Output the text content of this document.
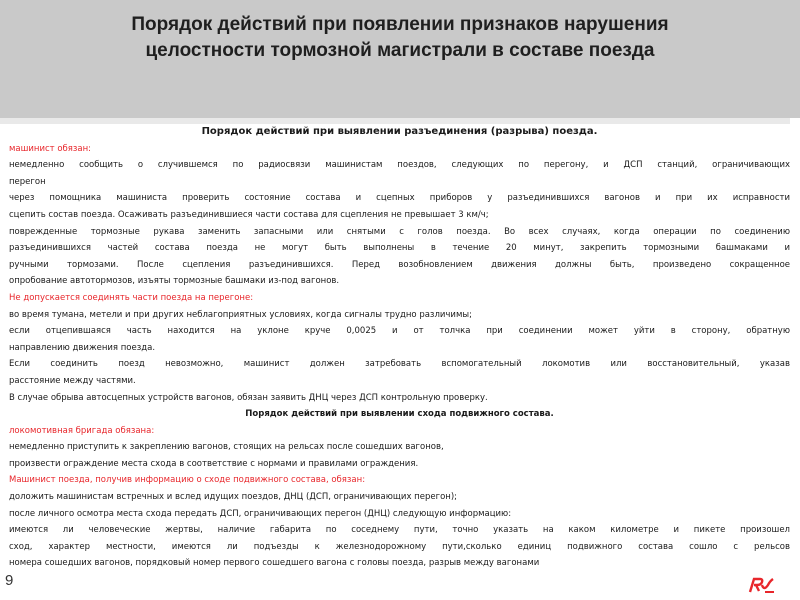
Порядок действий при появлении признаков нарушения
целостности тормозной магистрали в составе поезда
Порядок действий при выявлении разъединения (разрыва) поезда.
машинист обязан:
немедленно сообщить о случившемся по радиосвязи машинистам поездов, следующих по перегону, и ДСП станций, ограничивающих
перегон
через помощника машиниста проверить состояние состава и сцепных приборов у разъединившихся вагонов и при их исправности
сцепить состав поезда. Осаживать разъединившиеся части состава для сцепления не превышает 3 км/ч;
поврежденные тормозные рукава заменить запасными или снятыми с голов поезда. Во всех случаях, когда операции по соединению
разъединившихся частей состава поезда не могут быть выполнены в течение 20 минут, закрепить тормозными башмаками и
ручными тормозами. После сцепления разъединившихся. Перед возобновлением движения должны быть, произведено сокращенное
опробование автотормозов, изъяты тормозные башмаки из-под вагонов.
Не допускается соединять части поезда на перегоне:
во время тумана, метели и при других неблагоприятных условиях, когда сигналы трудно различимы;
если отцепившаяся часть находится на уклоне круче 0,0025 и от толчка при соединении может уйти в сторону, обратную
направлению движения поезда.
Если соединить поезд невозможно, машинист должен затребовать вспомогательный локомотив или восстановительный, указав
расстояние между частями.
В случае обрыва автосцепных устройств вагонов, обязан заявить ДНЦ через ДСП контрольную проверку.
Порядок действий при выявлении схода подвижного состава.
локомотивная бригада обязана:
немедленно приступить к закреплению вагонов, стоящих на рельсах после сошедших вагонов,
произвести ограждение места схода в соответствие с нормами и правилами ограждения.
Машинист поезда, получив информацию о сходе подвижного состава, обязан:
доложить машинистам встречных и вслед идущих поездов, ДНЦ (ДСП, ограничивающих перегон);
после личного осмотра места схода передать ДСП, ограничивающих перегон (ДНЦ) следующую информацию:
имеются ли человеческие жертвы, наличие габарита по соседнему пути, точно указать на каком километре и пикете произошел
сход, характер местности, имеются ли подъезды к железнодорожному пути,сколько единиц подвижного состава сошло с рельсов
номера сошедших вагонов, порядковый номер первого сошедшего вагона с головы поезда, разрыв между вагонами
9
